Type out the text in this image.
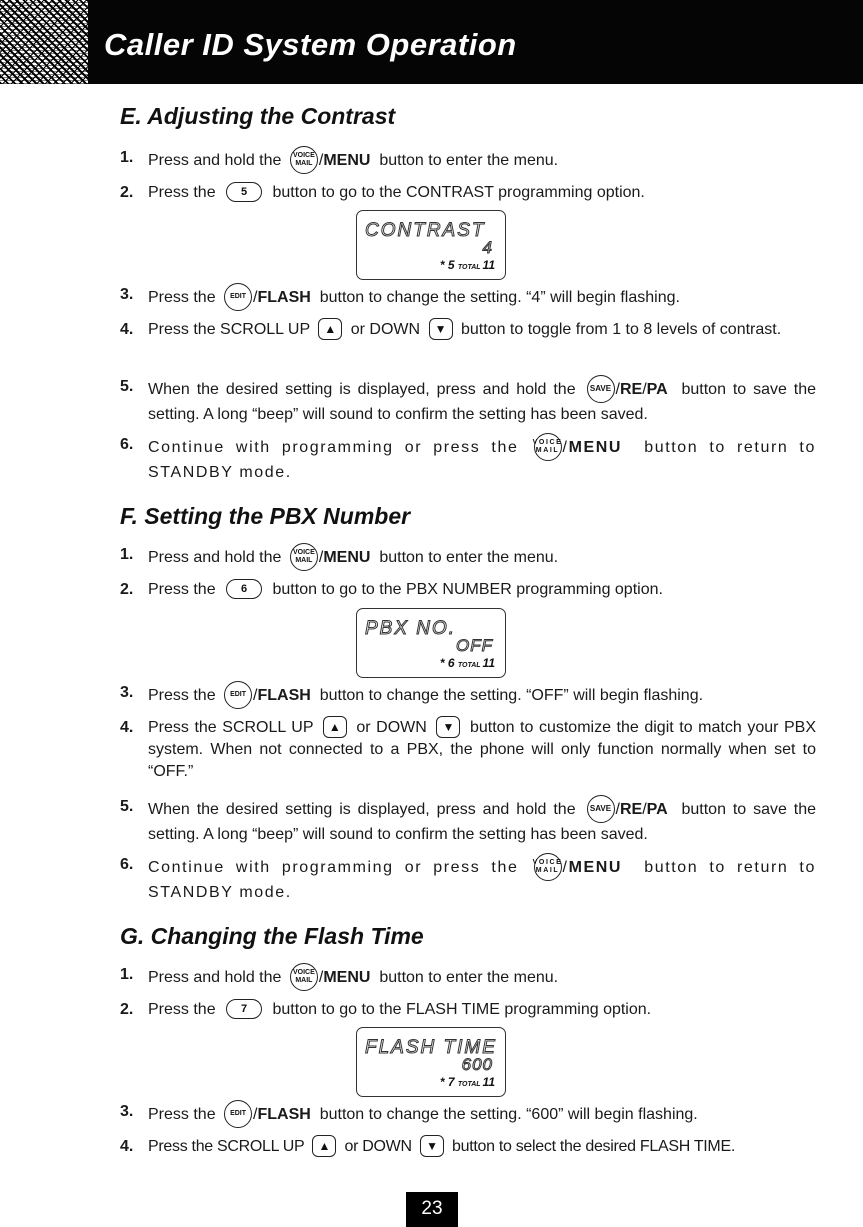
Caller ID System Operation
E. Adjusting the Contrast
1. Press and hold the VOICE
MAIL /MENU button to enter the menu.
2. Press the 5 button to go to the CONTRAST programming option.
CONTRAST
4
* 5 TOTAL 11
3. Press the EDIT /FLASH button to change the setting. “4” will begin flashing.
4. Press the SCROLL UP ▲ or DOWN ▼ button to toggle from 1 to 8 levels of contrast.
5. When the desired setting is displayed, press and hold the SAVE /RE/PA button to save the setting. A long “beep” will sound to confirm the setting has been saved.
6. Continue with programming or press the VOICE
MAIL /MENU button to return to STANDBY mode.
F. Setting the PBX Number
1. Press and hold the VOICE
MAIL /MENU button to enter the menu.
2. Press the 6 button to go to the PBX NUMBER programming option.
PBX NO.
OFF
* 6 TOTAL 11
3. Press the EDIT /FLASH button to change the setting. “OFF” will begin flashing.
4. Press the SCROLL UP ▲ or DOWN ▼ button to customize the digit to match your PBX system. When not connected to a PBX, the phone will only function normally when set to “OFF.”
5. When the desired setting is displayed, press and hold the SAVE /RE/PA button to save the setting. A long “beep” will sound to confirm the setting has been saved.
6. Continue with programming or press the VOICE
MAIL /MENU button to return to STANDBY mode.
G. Changing the Flash Time
1. Press and hold the VOICE
MAIL /MENU button to enter the menu.
2. Press the 7 button to go to the FLASH TIME programming option.
FLASH TIME
600
* 7 TOTAL 11
3. Press the EDIT /FLASH button to change the setting. “600” will begin flashing.
4. Press the SCROLL UP ▲ or DOWN ▼ button to select the desired FLASH TIME.
23
